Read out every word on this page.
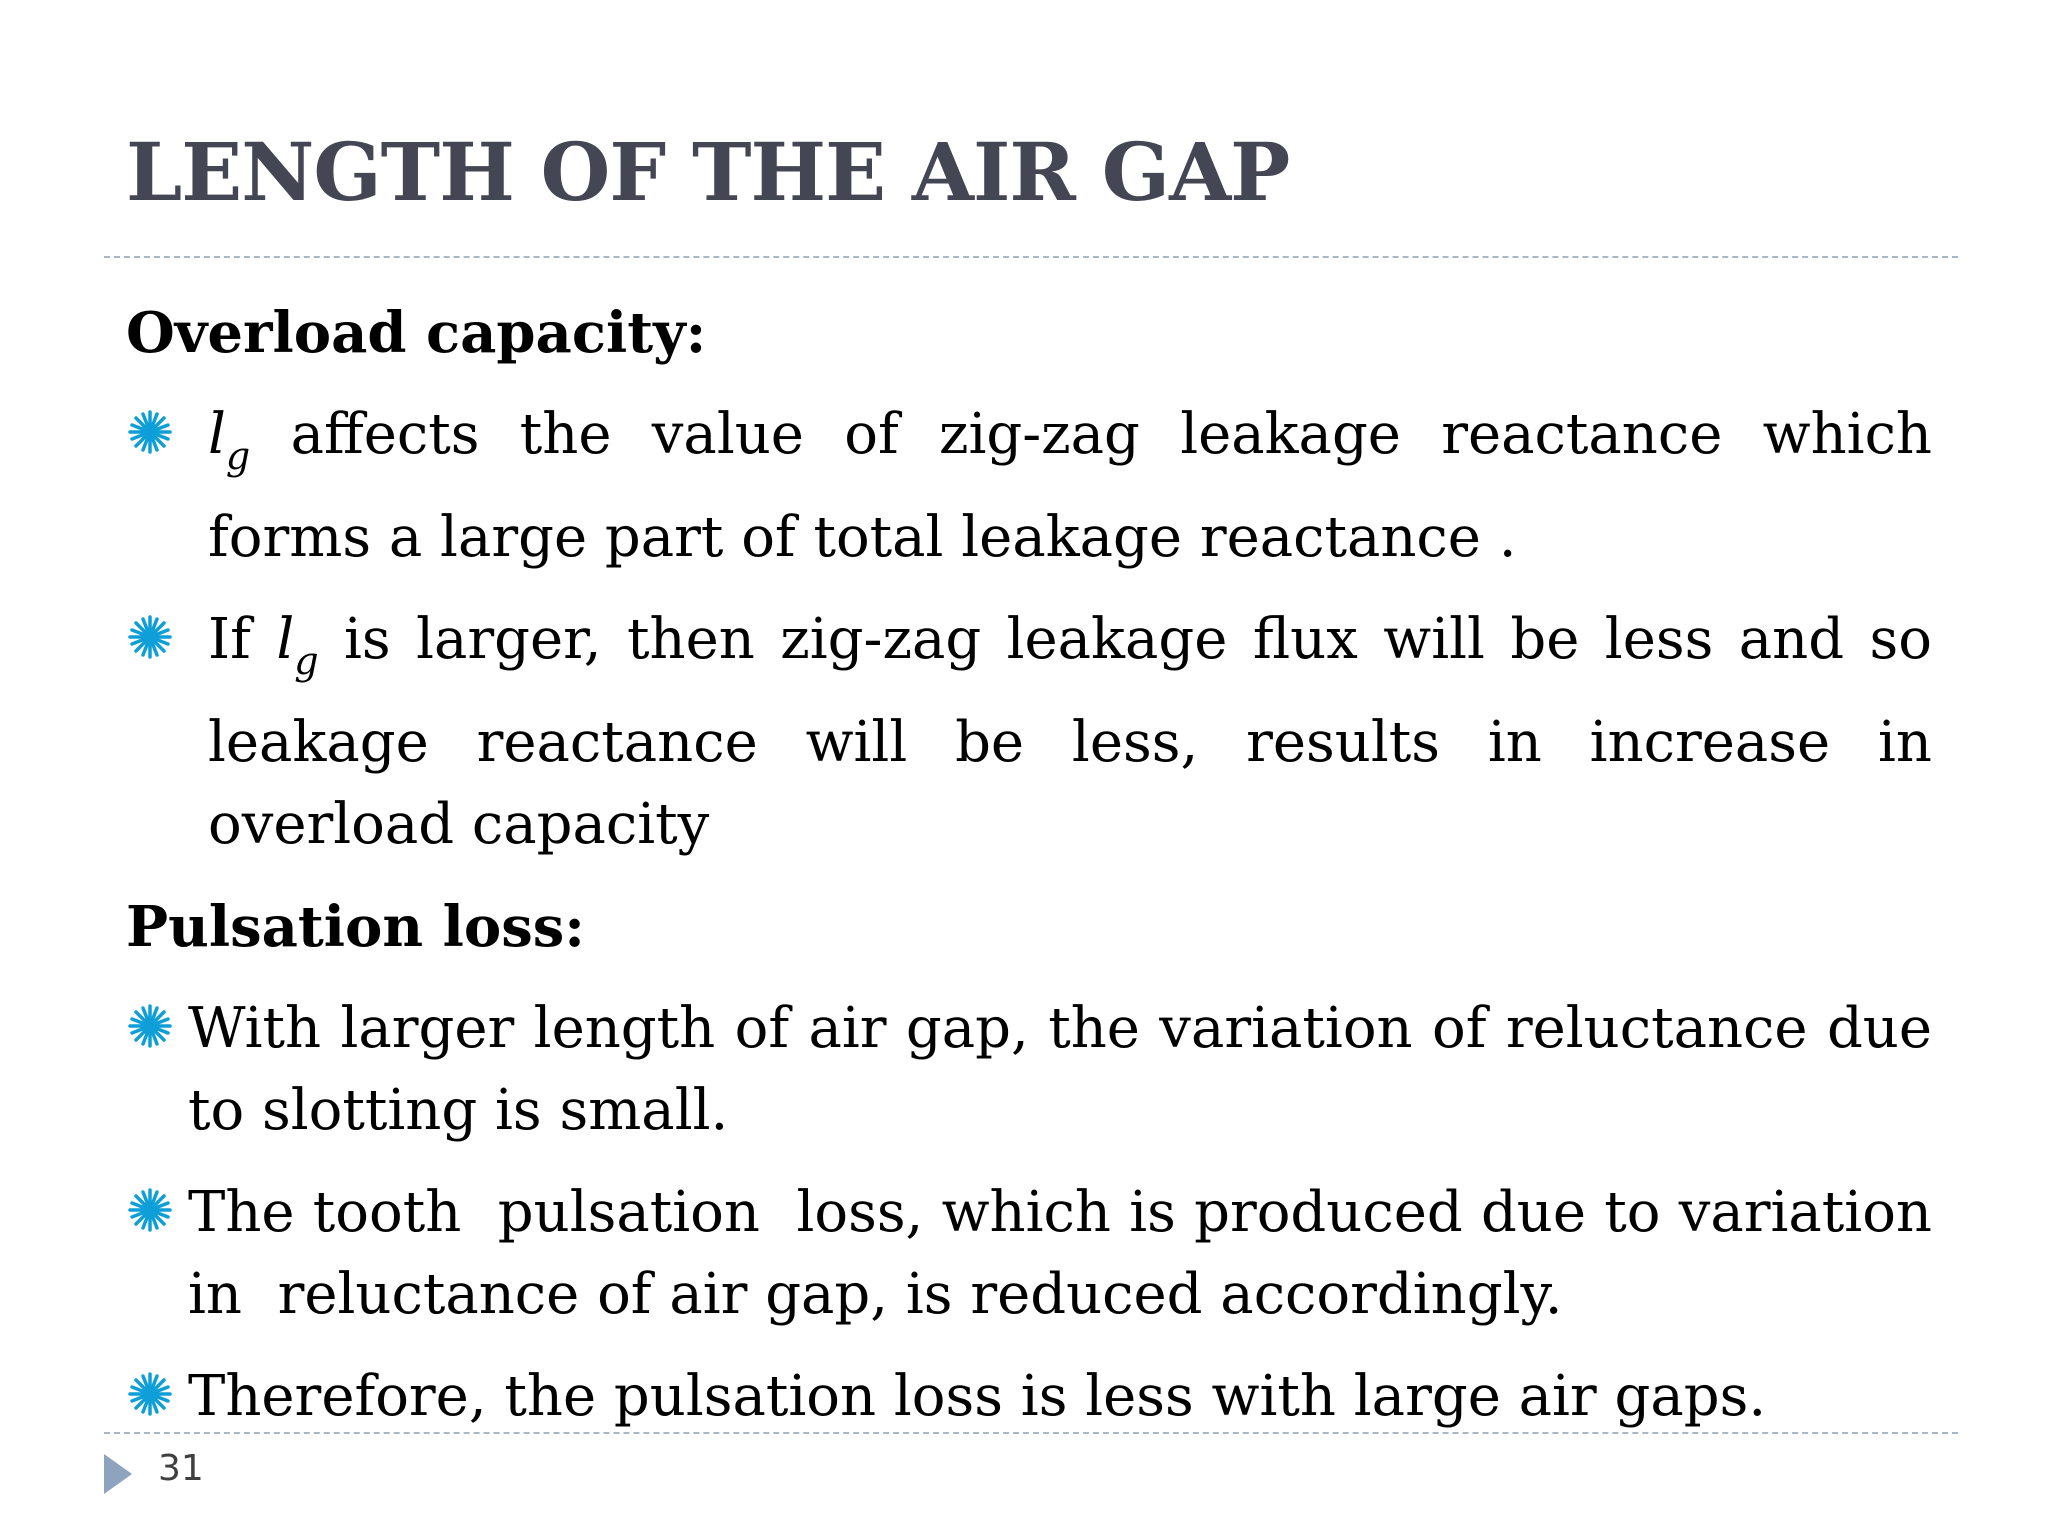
LENGTH OF THE AIR GAP
Overload capacity:
$l_g$ affects the value of zig-zag leakage reactance which forms a large part of total leakage reactance .
If $l_g$ is larger, then zig-zag leakage flux will be less and so leakage reactance will be less, results in increase in overload capacity
Pulsation loss:
With larger length of air gap, the variation of reluctance due to slotting is small.
The tooth  pulsation  loss, which is produced due to variation in  reluctance of air gap, is reduced accordingly.
Therefore, the pulsation loss is less with large air gaps.
31
